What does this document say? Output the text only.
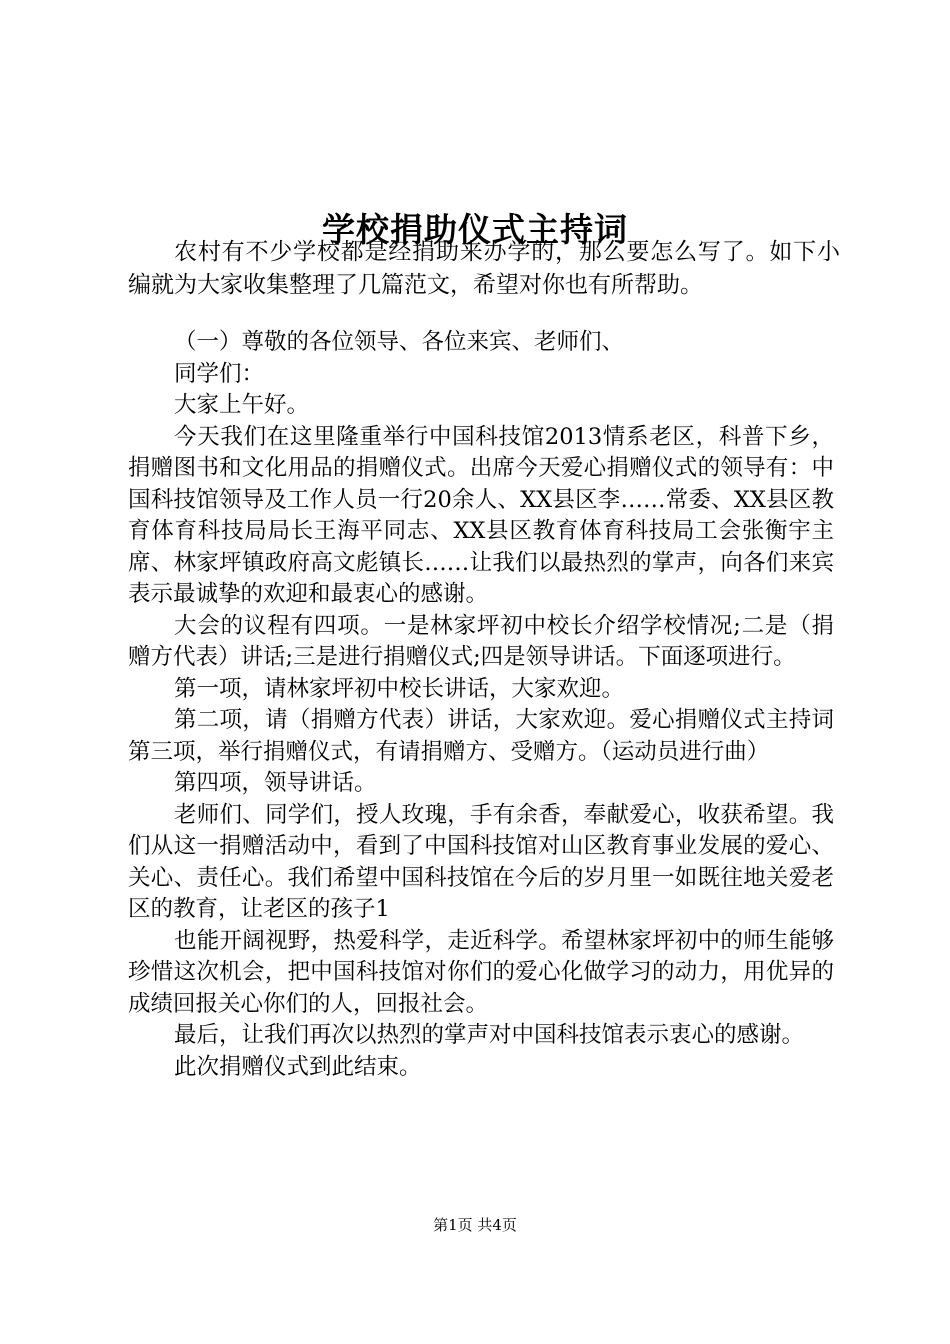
学校捐助仪式主持词

农村有不少学校都是经捐助来办学的，那么要怎么写了。如下小编就为大家收集整理了几篇范文，希望对你也有所帮助。

（一）尊敬的各位领导、各位来宾、老师们、

同学们：

大家上午好。

今天我们在这里隆重举行中国科技馆2013情系老区，科普下乡，捐赠图书和文化用品的捐赠仪式。出席今天爱心捐赠仪式的领导有：中国科技馆领导及工作人员一行20余人、XX县区李……常委、XX县区教育体育科技局局长王海平同志、XX县区教育体育科技局工会张衡宇主席、林家坪镇政府高文彪镇长……让我们以最热烈的掌声，向各们来宾表示最诚挚的欢迎和最衷心的感谢。

大会的议程有四项。一是林家坪初中校长介绍学校情况;二是（捐赠方代表）讲话;三是进行捐赠仪式;四是领导讲话。下面逐项进行。

第一项，请林家坪初中校长讲话，大家欢迎。

第二项，请（捐赠方代表）讲话，大家欢迎。爱心捐赠仪式主持词第三项，举行捐赠仪式，有请捐赠方、受赠方。（运动员进行曲）

第四项，领导讲话。

老师们、同学们，授人玫瑰，手有余香，奉献爱心，收获希望。我们从这一捐赠活动中，看到了中国科技馆对山区教育事业发展的爱心、关心、责任心。我们希望中国科技馆在今后的岁月里一如既往地关爱老区的教育，让老区的孩子1

也能开阔视野，热爱科学，走近科学。希望林家坪初中的师生能够珍惜这次机会，把中国科技馆对你们的爱心化做学习的动力，用优异的成绩回报关心你们的人，回报社会。

最后，让我们再次以热烈的掌声对中国科技馆表示衷心的感谢。

此次捐赠仪式到此结束。

第1页 共4页
